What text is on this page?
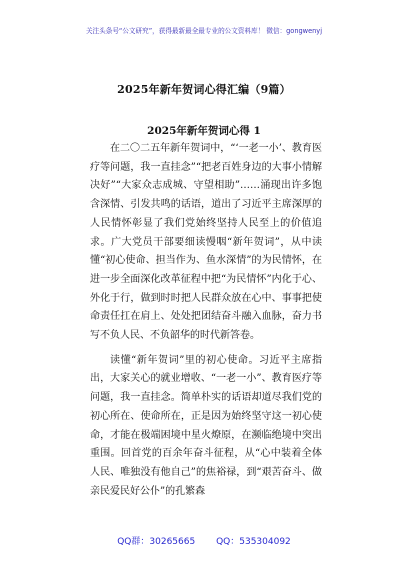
关注头条号“公文研究”，获得最新最全最专业的公文资料库！ 微信：gongwenyj
2025年新年贺词心得汇编（9篇）
2025年新年贺词心得 1

在二〇二五年新年贺词中，“‘一老一小’、教育医疗等问题，我一直挂念”“把老百姓身边的大事小情解决好”“大家众志成城、守望相助”……涌现出许多饱含深情、引发共鸣的话语，道出了习近平主席深厚的人民情怀彰显了我们党始终坚持人民至上的价值追求。广大党员干部要细读慢咽“新年贺词”，从中读懂“初心使命、担当作为、鱼水深情”的为民情怀，在进一步全面深化改革征程中把“为民情怀”内化于心、外化于行，做到时时把人民群众放在心中、事事把使命责任扛在肩上、处处把团结奋斗融入血脉，奋力书写不负人民、不负韶华的时代新答卷。

读懂“新年贺词”里的初心使命。习近平主席指出，大家关心的就业增收、“一老一小”、教育医疗等问题，我一直挂念。简单朴实的话语却道尽我们党的初心所在、使命所在，正是因为始终坚守这一初心使命，才能在极端困境中星火燎原，在濒临绝境中突出重围。回首党的百余年奋斗征程，从“心中装着全体人民、唯独没有他自己”的焦裕禄，到“艰苦奋斗、做亲民爱民好公仆”的孔繁森

QQ群：30265665 QQ：535304092
